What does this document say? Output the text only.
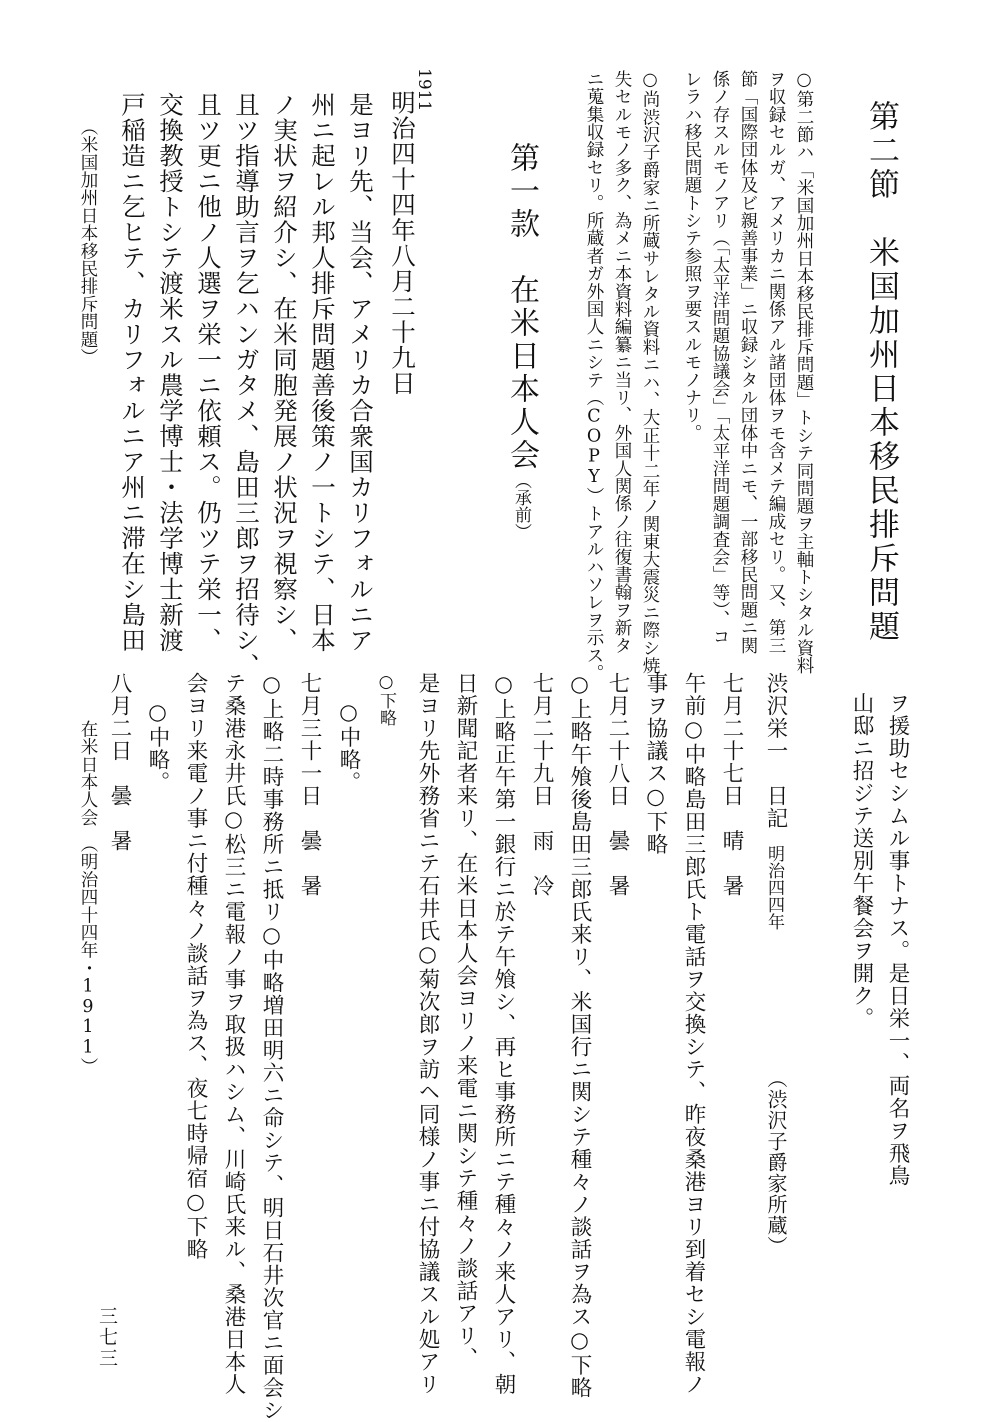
第二節　米国加州日本移民排斥問題
○第二節ハ「米国加州日本移民排斥問題」トシテ同問題ヲ主軸トシタル資料
ヲ収録セルガ、アメリカニ関係アル諸団体ヲモ含メテ編成セリ。又、第三
節「国際団体及ビ親善事業」ニ収録シタル団体中ニモ、一部移民問題ニ関
係ノ存スルモノアリ（「太平洋問題協議会」「太平洋問題調査会」等）、コ
レラハ移民問題トシテ参照ヲ要スルモノナリ。
○尚渋沢子爵家ニ所蔵サレタル資料ニハ、大正十二年ノ関東大震災ニ際シ焼
失セルモノ多ク、為メニ本資料編纂ニ当リ、外国人関係ノ往復書翰ヲ新タ
ニ蒐集収録セリ。所蔵者ガ外国人ニシテ（COPY）トアルハソレヲ示ス。
第一款　在米日本人会（承前）
1911
明治四十四年八月二十九日
是ヨリ先、当会、アメリカ合衆国カリフォルニア
州ニ起レル邦人排斥問題善後策ノ一トシテ、日本
ノ実状ヲ紹介シ、在米同胞発展ノ状況ヲ視察シ、
且ツ指導助言ヲ乞ハンガタメ、島田三郎ヲ招待シ、
且ツ更ニ他ノ人選ヲ栄一ニ依頼ス。仍ツテ栄一、
交換教授トシテ渡米スル農学博士・法学博士新渡
戸稲造ニ乞ヒテ、カリフォルニア州ニ滞在シ島田
（米国加州日本移民排斥問題）
在米日本人会　（明治四十四年・1911）	ヲ援助セシムル事トナス。是日栄一、両名ヲ飛鳥
山邸ニ招ジテ送別午餐会ヲ開ク。
渋沢栄一　日記
明治四四年
（渋沢子爵家所蔵）
七月二十七日　晴　暑
午前○中略島田三郎氏ト電話ヲ交換シテ、昨夜桑港ヨリ到着セシ電報ノ
事ヲ協議ス○下略
七月二十八日　曇　暑
○上略午飧後島田三郎氏来リ、米国行ニ関シテ種々ノ談話ヲ為ス○下略
七月二十九日　雨　冷
○上略正午第一銀行ニ於テ午飧シ、再ヒ事務所ニテ種々ノ来人アリ、朝
日新聞記者来リ、在米日本人会ヨリノ来電ニ関シテ種々ノ談話アリ、
是ヨリ先外務省ニテ石井氏○菊次郎ヲ訪ヘ同様ノ事ニ付協議スル処アリ
○下略
○中略。
七月三十一日　曇　暑
○上略二時事務所ニ抵リ○中略増田明六ニ命シテ、明日石井次官ニ面会シ
テ桑港永井氏○松三ニ電報ノ事ヲ取扱ハシム、川崎氏来ル、桑港日本人
会ヨリ来電ノ事ニ付種々ノ談話ヲ為ス、夜七時帰宿○下略
○中略。
八月二日　曇　暑
三七三
